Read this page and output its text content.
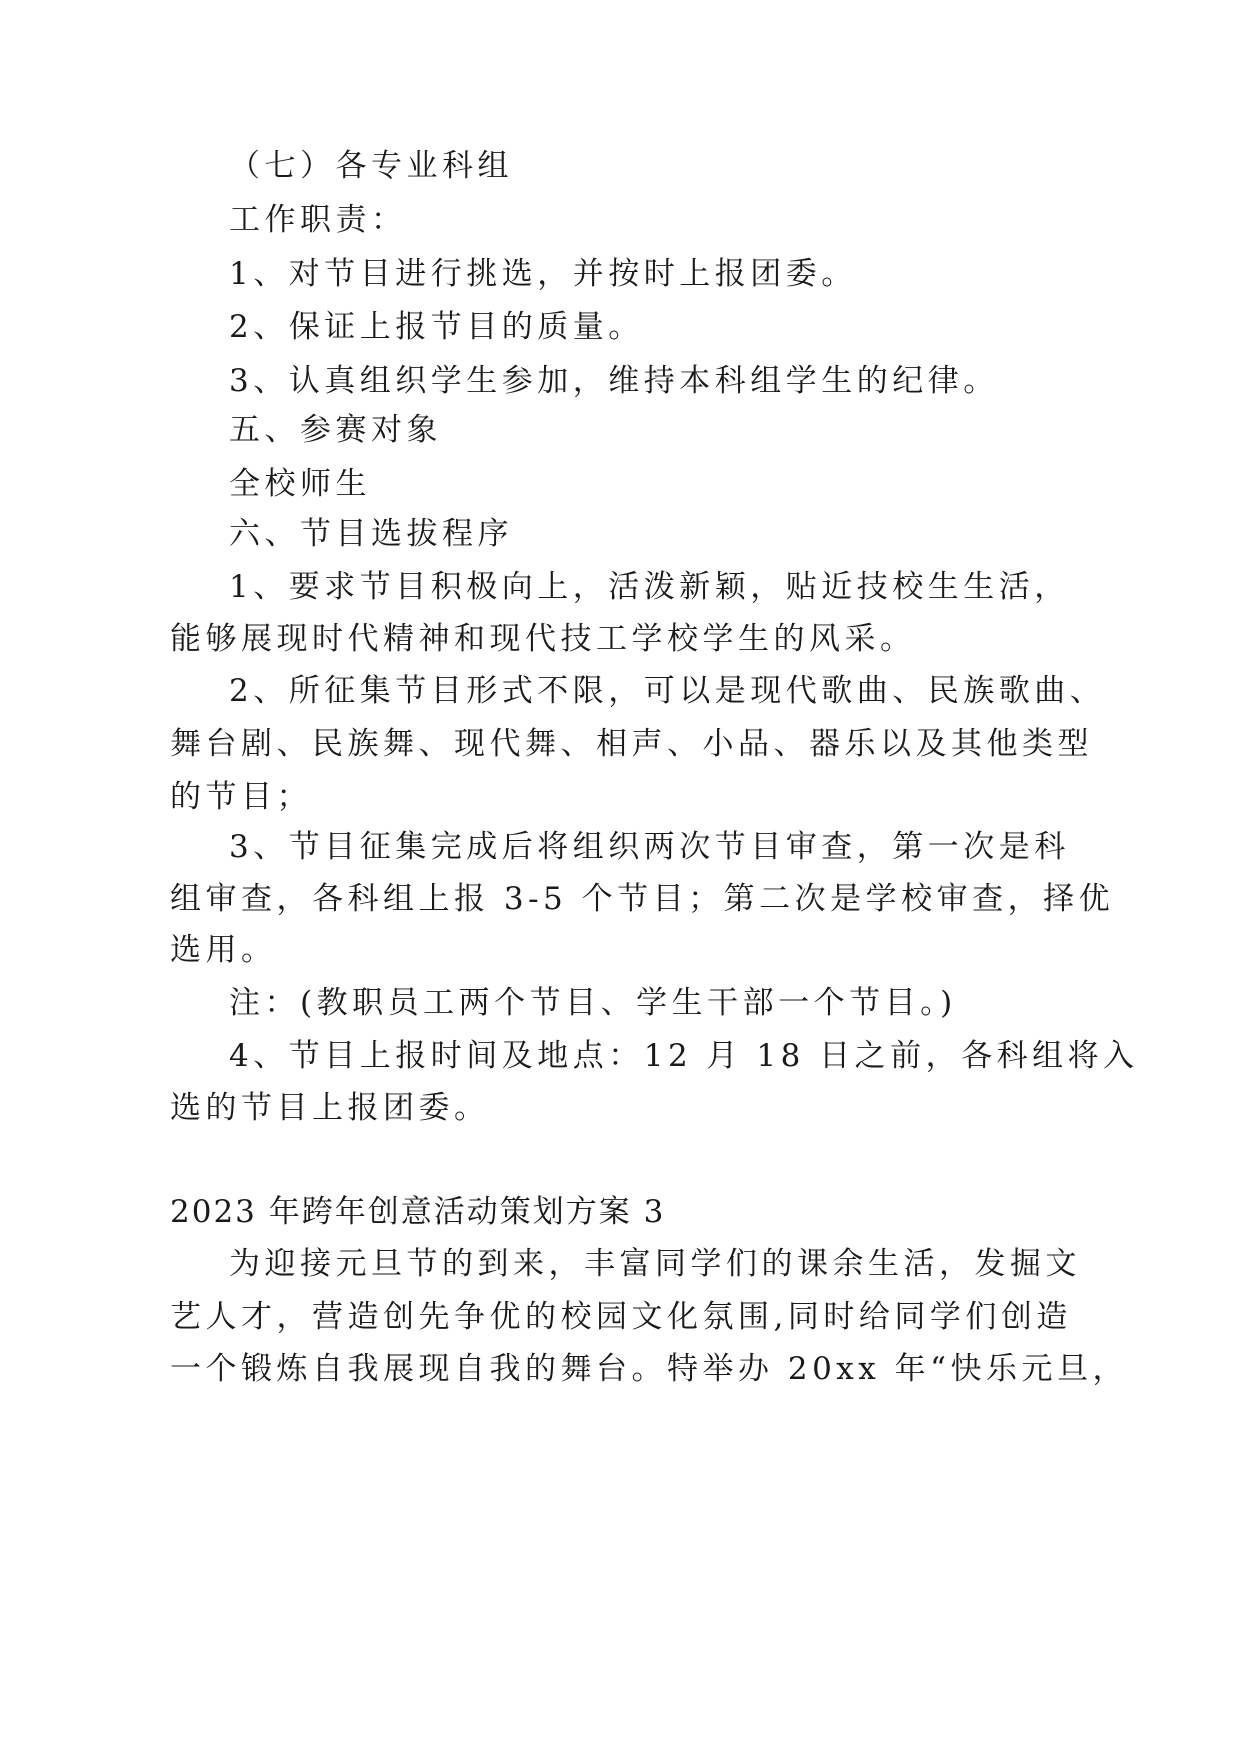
（七）各专业科组
工作职责：
1、对节目进行挑选，并按时上报团委。
2、保证上报节目的质量。
3、认真组织学生参加，维持本科组学生的纪律。
五、参赛对象
全校师生
六、节目选拔程序
1、要求节目积极向上，活泼新颖，贴近技校生生活，
能够展现时代精神和现代技工学校学生的风采。
2、所征集节目形式不限，可以是现代歌曲、民族歌曲、
舞台剧、民族舞、现代舞、相声、小品、器乐以及其他类型
的节目；
3、节目征集完成后将组织两次节目审查，第一次是科
组审查，各科组上报 3-5 个节目；第二次是学校审查，择优
选用。
注：(教职员工两个节目、学生干部一个节目。)
4、节目上报时间及地点：12 月 18 日之前，各科组将入
选的节目上报团委。
2023 年跨年创意活动策划方案 3
为迎接元旦节的到来，丰富同学们的课余生活，发掘文
艺人才，营造创先争优的校园文化氛围,同时给同学们创造
一个锻炼自我展现自我的舞台。特举办 20xx 年“快乐元旦，
